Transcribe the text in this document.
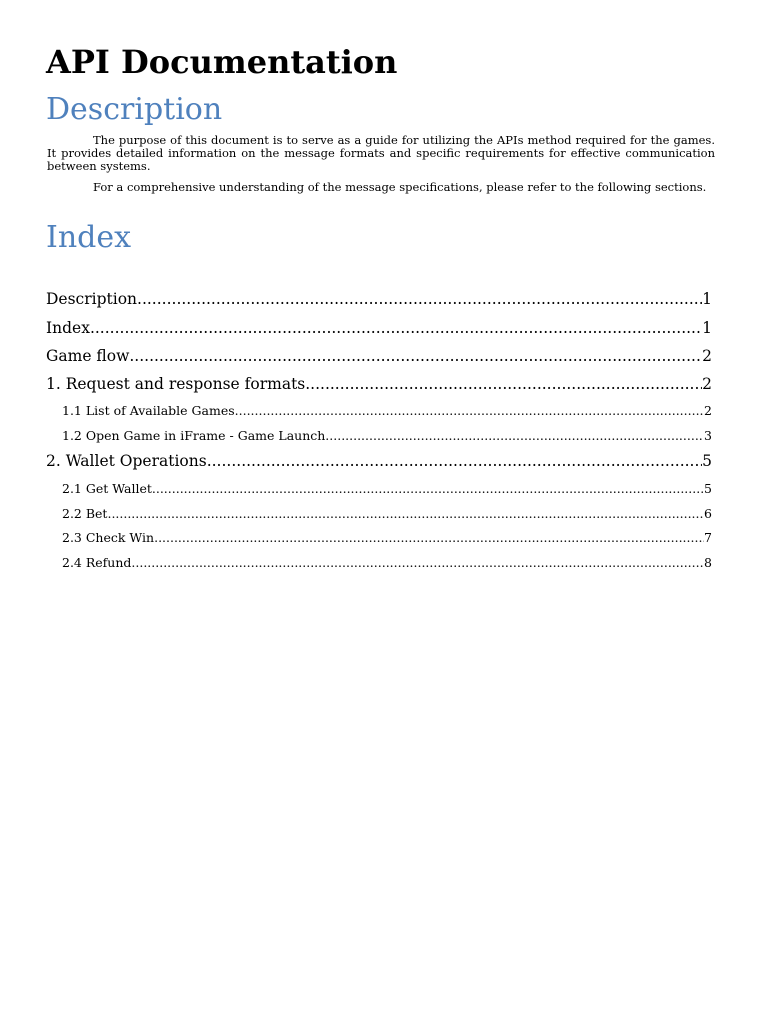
API Documentation
Description

The purpose of this document is to serve as a guide for utilizing the APIs method required for the games. It provides detailed information on the message formats and specific requirements for effective communication between systems.

For a comprehensive understanding of the message specifications, please refer to the following sections.

Index
Description .....	1
Index .....	1
Game flow .....	2
1. Request and response formats .....	2
1.1 List of Available Games .....	2
1.2 Open Game in iFrame - Game Launch .....	3
2. Wallet Operations .....	5
2.1 Get Wallet .....	5
2.2 Bet .....	6
2.3 Check Win .....	7
2.4 Refund .....	8
